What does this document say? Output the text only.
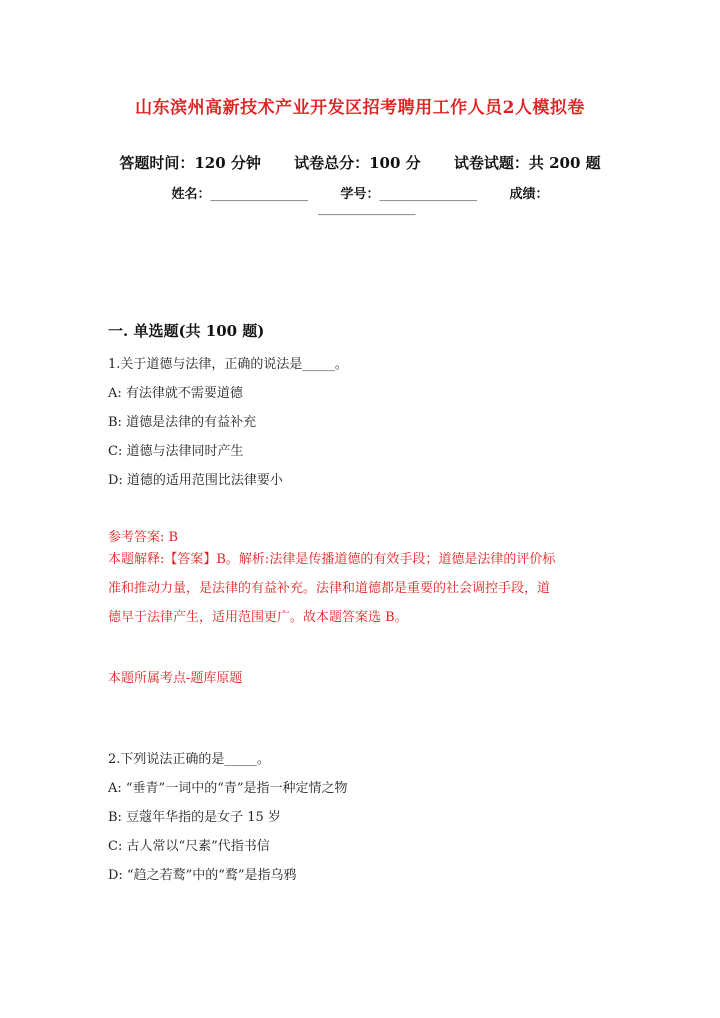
山东滨州高新技术产业开发区招考聘用工作人员2人模拟卷
答题时间：120 分钟 试卷总分：100 分 试卷试题：共 200 题
姓名：_______________	学号：_______________	成绩：
_______________
一. 单选题(共 100 题)
1.关于道德与法律，正确的说法是_____。
A: 有法律就不需要道德
B: 道德是法律的有益补充
C: 道德与法律同时产生
D: 道德的适用范围比法律要小
参考答案: B
本题解释:【答案】B。解析:法律是传播道德的有效手段；道德是法律的评价标
准和推动力量，是法律的有益补充。法律和道德都是重要的社会调控手段，道
德早于法律产生，适用范围更广。故本题答案选 B。
本题所属考点-题库原题
2.下列说法正确的是_____。
A: “垂青”一词中的“青”是指一种定情之物
B: 豆蔻年华指的是女子 15 岁
C: 古人常以“尺素”代指书信
D: “趋之若鹜”中的“鹜”是指乌鸦
